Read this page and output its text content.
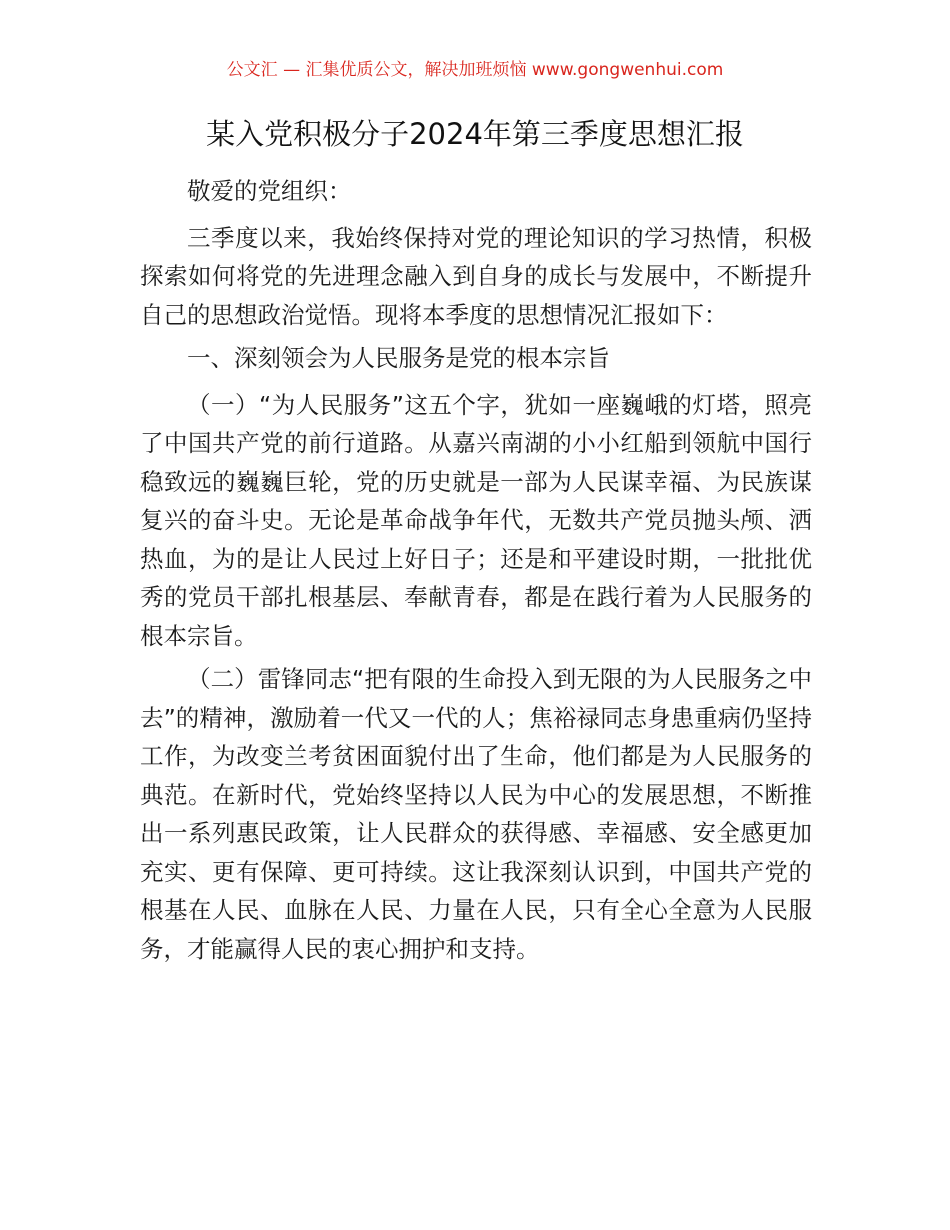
公文汇 — 汇集优质公文，解决加班烦恼 www.gongwenhui.com
某入党积极分子2024年第三季度思想汇报

敬爱的党组织：

三季度以来，我始终保持对党的理论知识的学习热情，积极探索如何将党的先进理念融入到自身的成长与发展中，不断提升自己的思想政治觉悟。现将本季度的思想情况汇报如下：

一、深刻领会为人民服务是党的根本宗旨

（一）“为人民服务”这五个字，犹如一座巍峨的灯塔，照亮了中国共产党的前行道路。从嘉兴南湖的小小红船到领航中国行稳致远的巍巍巨轮，党的历史就是一部为人民谋幸福、为民族谋复兴的奋斗史。无论是革命战争年代，无数共产党员抛头颅、洒热血，为的是让人民过上好日子；还是和平建设时期，一批批优秀的党员干部扎根基层、奉献青春，都是在践行着为人民服务的根本宗旨。

（二）雷锋同志“把有限的生命投入到无限的为人民服务之中去”的精神，激励着一代又一代的人；焦裕禄同志身患重病仍坚持工作，为改变兰考贫困面貌付出了生命，他们都是为人民服务的典范。在新时代，党始终坚持以人民为中心的发展思想，不断推出一系列惠民政策，让人民群众的获得感、幸福感、安全感更加充实、更有保障、更可持续。这让我深刻认识到，中国共产党的根基在人民、血脉在人民、力量在人民，只有全心全意为人民服务，才能赢得人民的衷心拥护和支持。
